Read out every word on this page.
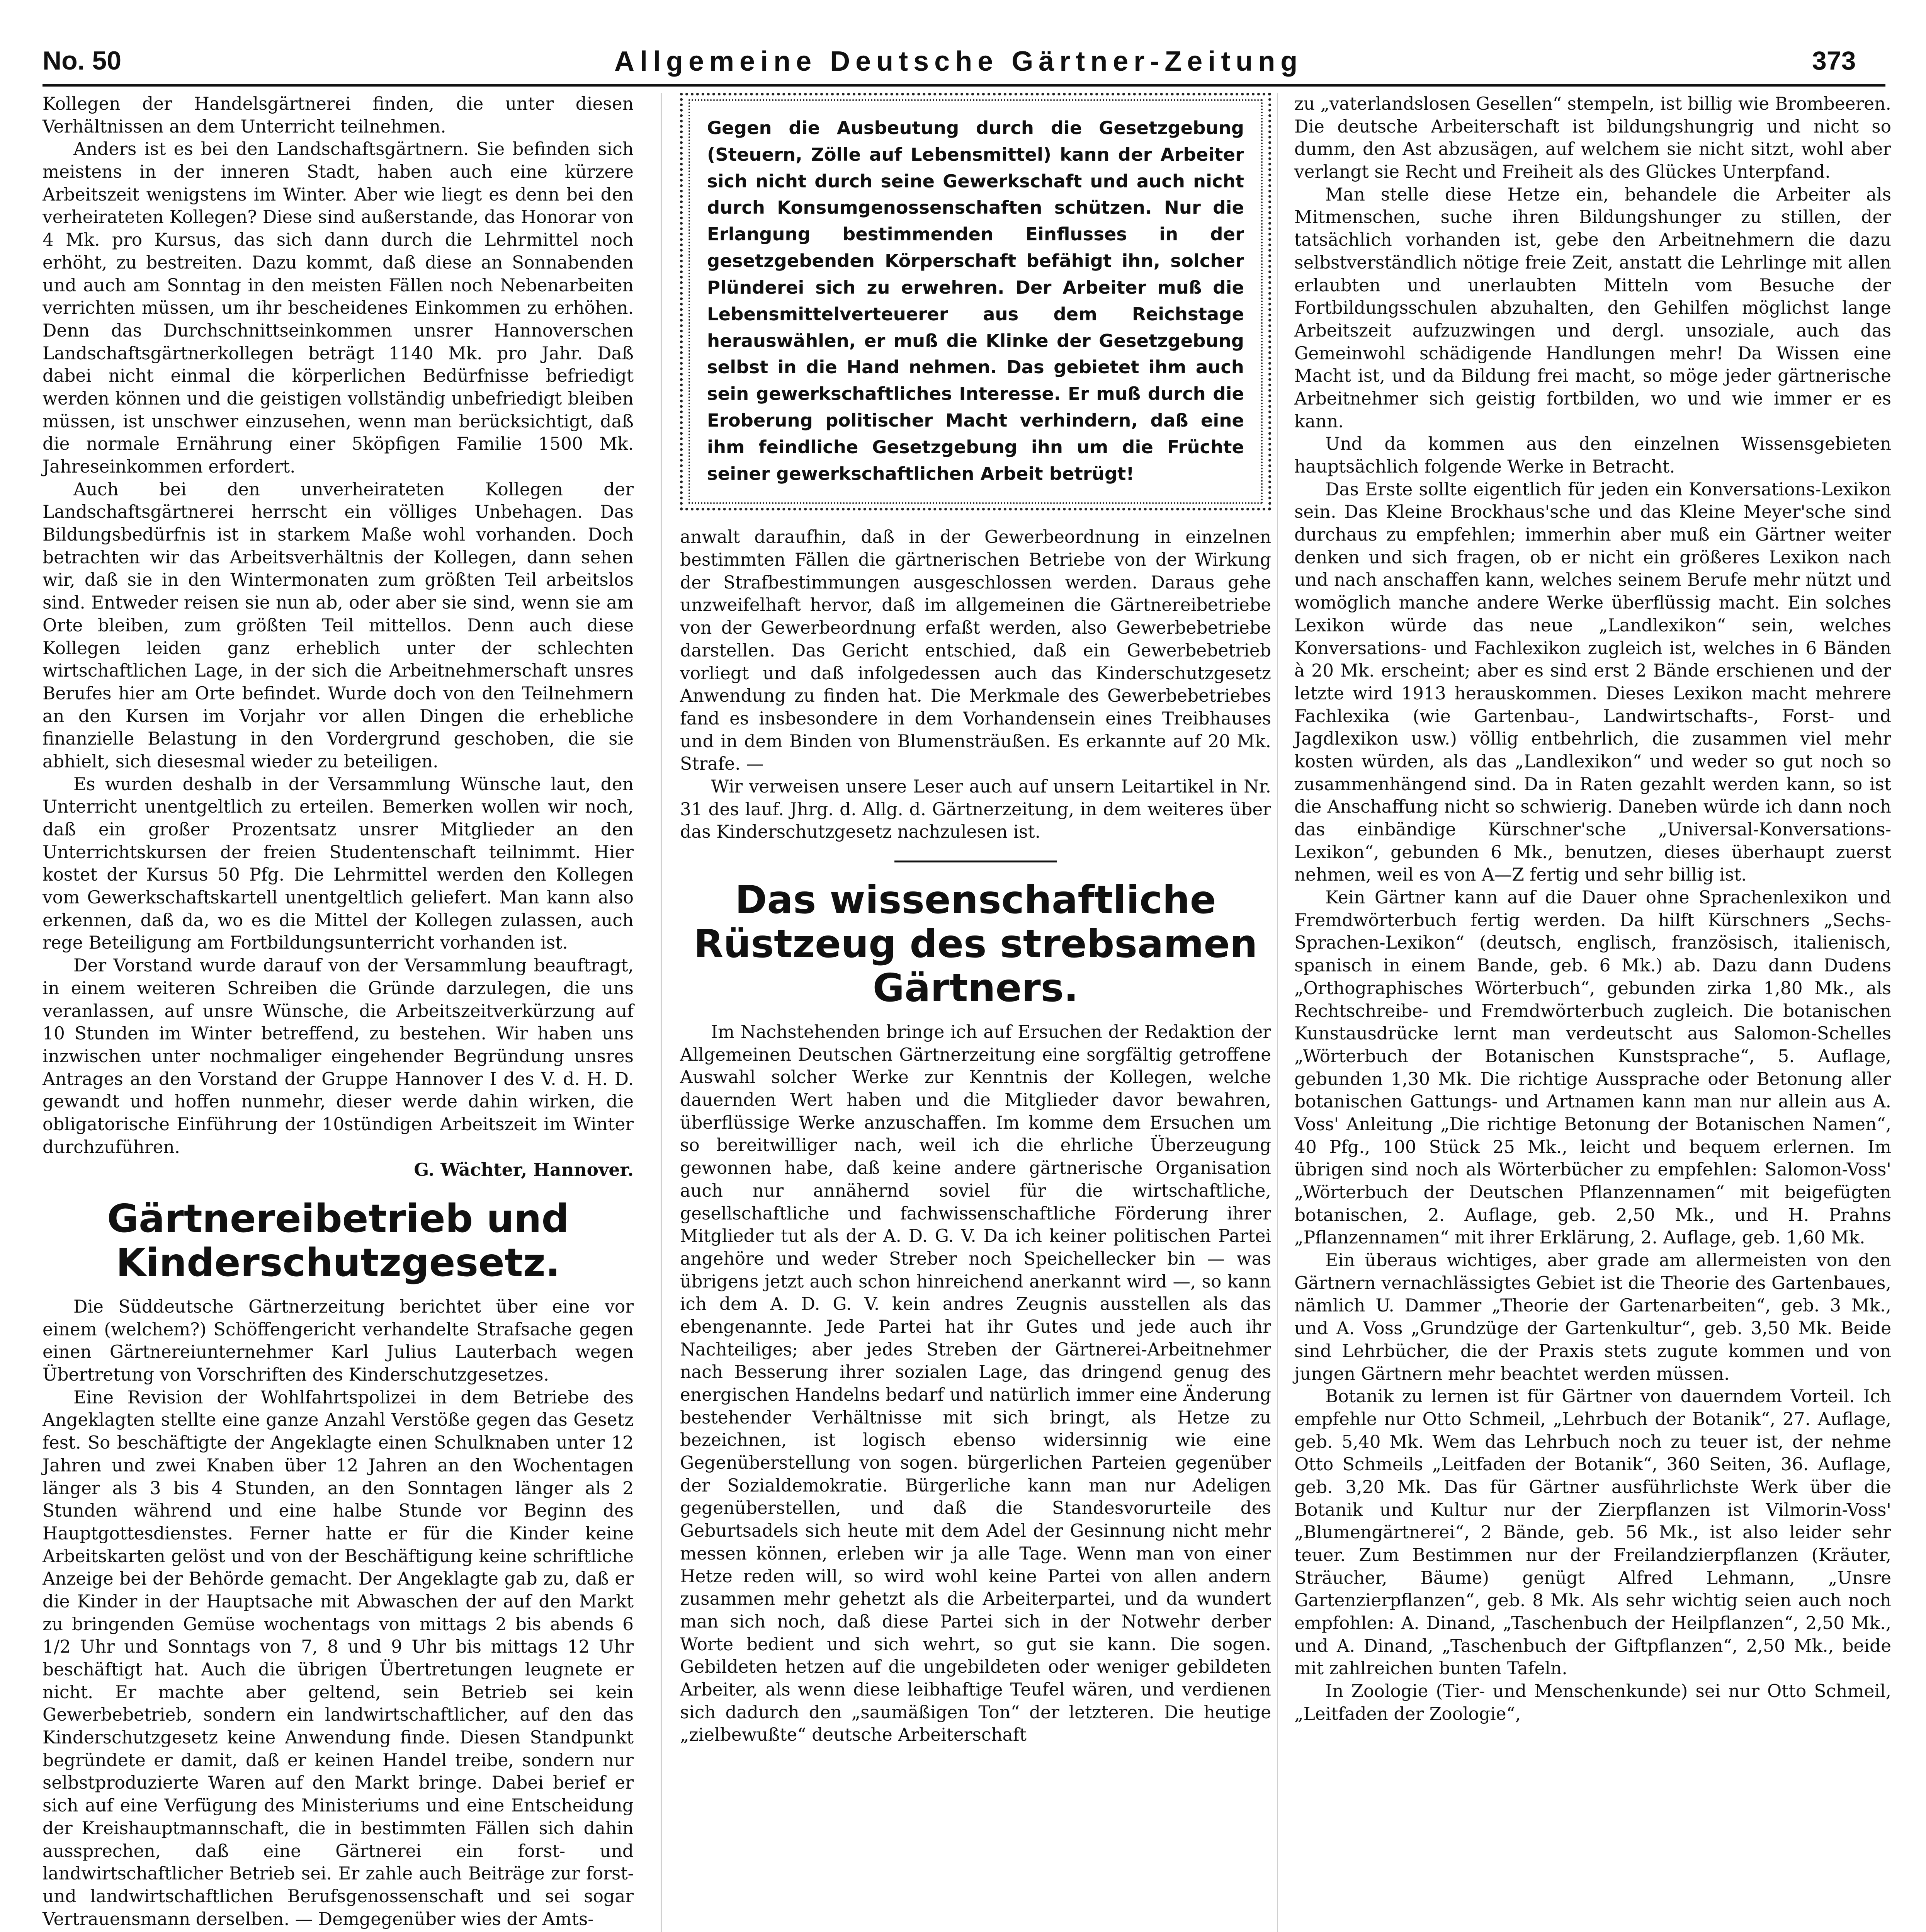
No. 50	Allgemeine Deutsche Gärtner-Zeitung	373

Kollegen der Handelsgärtnerei finden, die unter diesen Verhältnissen an dem Unterricht teilnehmen.

Anders ist es bei den Landschaftsgärtnern. Sie befinden sich meistens in der inneren Stadt, haben auch eine kürzere Arbeitszeit wenigstens im Winter. Aber wie liegt es denn bei den verheirateten Kollegen? Diese sind außerstande, das Honorar von 4 Mk. pro Kursus, das sich dann durch die Lehrmittel noch erhöht, zu bestreiten. Dazu kommt, daß diese an Sonnabenden und auch am Sonntag in den meisten Fällen noch Nebenarbeiten verrichten müssen, um ihr bescheidenes Einkommen zu erhöhen. Denn das Durchschnittseinkommen unsrer Hannoverschen Landschaftsgärtnerkollegen beträgt 1140 Mk. pro Jahr. Daß dabei nicht einmal die körperlichen Bedürfnisse befriedigt werden können und die geistigen vollständig unbefriedigt bleiben müssen, ist unschwer einzusehen, wenn man berücksichtigt, daß die normale Ernährung einer 5köpfigen Familie 1500 Mk. Jahreseinkommen erfordert.

Auch bei den unverheirateten Kollegen der Landschaftsgärtnerei herrscht ein völliges Unbehagen. Das Bildungsbedürfnis ist in starkem Maße wohl vorhanden. Doch betrachten wir das Arbeitsverhältnis der Kollegen, dann sehen wir, daß sie in den Wintermonaten zum größten Teil arbeitslos sind. Entweder reisen sie nun ab, oder aber sie sind, wenn sie am Orte bleiben, zum größten Teil mittellos. Denn auch diese Kollegen leiden ganz erheblich unter der schlechten wirtschaftlichen Lage, in der sich die Arbeitnehmerschaft unsres Berufes hier am Orte befindet. Wurde doch von den Teilnehmern an den Kursen im Vorjahr vor allen Dingen die erhebliche finanzielle Belastung in den Vordergrund geschoben, die sie abhielt, sich diesesmal wieder zu beteiligen.

Es wurden deshalb in der Versammlung Wünsche laut, den Unterricht unentgeltlich zu erteilen. Bemerken wollen wir noch, daß ein großer Prozentsatz unsrer Mitglieder an den Unterrichtskursen der freien Studentenschaft teilnimmt. Hier kostet der Kursus 50 Pfg. Die Lehrmittel werden den Kollegen vom Gewerkschaftskartell unentgeltlich geliefert. Man kann also erkennen, daß da, wo es die Mittel der Kollegen zulassen, auch rege Beteiligung am Fortbildungsunterricht vorhanden ist.

Der Vorstand wurde darauf von der Versammlung beauftragt, in einem weiteren Schreiben die Gründe darzulegen, die uns veranlassen, auf unsre Wünsche, die Arbeitszeitverkürzung auf 10 Stunden im Winter betreffend, zu bestehen. Wir haben uns inzwischen unter nochmaliger eingehender Begründung unsres Antrages an den Vorstand der Gruppe Hannover I des V. d. H. D. gewandt und hoffen nunmehr, dieser werde dahin wirken, die obligatorische Einführung der 10stündigen Arbeitszeit im Winter durchzuführen.

G. Wächter, Hannover.

Gärtnereibetrieb und Kinderschutzgesetz.

Die Süddeutsche Gärtnerzeitung berichtet über eine vor einem (welchem?) Schöffengericht verhandelte Strafsache gegen einen Gärtnereiunternehmer Karl Julius Lauterbach wegen Übertretung von Vorschriften des Kinderschutzgesetzes.

Eine Revision der Wohlfahrtspolizei in dem Betriebe des Angeklagten stellte eine ganze Anzahl Verstöße gegen das Gesetz fest. So beschäftigte der Angeklagte einen Schulknaben unter 12 Jahren und zwei Knaben über 12 Jahren an den Wochentagen länger als 3 bis 4 Stunden, an den Sonntagen länger als 2 Stunden während und eine halbe Stunde vor Beginn des Hauptgottesdienstes. Ferner hatte er für die Kinder keine Arbeitskarten gelöst und von der Beschäftigung keine schriftliche Anzeige bei der Behörde gemacht. Der Angeklagte gab zu, daß er die Kinder in der Hauptsache mit Abwaschen der auf den Markt zu bringenden Gemüse wochentags von mittags 2 bis abends 6 1/2 Uhr und Sonntags von 7, 8 und 9 Uhr bis mittags 12 Uhr beschäftigt hat. Auch die übrigen Übertretungen leugnete er nicht. Er machte aber geltend, sein Betrieb sei kein Gewerbebetrieb, sondern ein landwirtschaftlicher, auf den das Kinderschutzgesetz keine Anwendung finde. Diesen Standpunkt begründete er damit, daß er keinen Handel treibe, sondern nur selbstproduzierte Waren auf den Markt bringe. Dabei berief er sich auf eine Verfügung des Ministeriums und eine Entscheidung der Kreishauptmannschaft, die in bestimmten Fällen sich dahin aussprechen, daß eine Gärtnerei ein forst- und landwirtschaftlicher Betrieb sei. Er zahle auch Beiträge zur forst- und landwirtschaftlichen Berufsgenossenschaft und sei sogar Vertrauensmann derselben. — Demgegenüber wies der Amts-

Gegen die Ausbeutung durch die Gesetzgebung (Steuern, Zölle auf Lebensmittel) kann der Arbeiter sich nicht durch seine Gewerkschaft und auch nicht durch Konsumgenossenschaften schützen. Nur die Erlangung bestimmenden Einflusses in der gesetzgebenden Körperschaft befähigt ihn, solcher Plünderei sich zu erwehren. Der Arbeiter muß die Lebensmittelverteuerer aus dem Reichstage herauswählen, er muß die Klinke der Gesetzgebung selbst in die Hand nehmen. Das gebietet ihm auch sein gewerkschaftliches Interesse. Er muß durch die Eroberung politischer Macht verhindern, daß eine ihm feindliche Gesetzgebung ihn um die Früchte seiner gewerkschaftlichen Arbeit betrügt!

anwalt daraufhin, daß in der Gewerbeordnung in einzelnen bestimmten Fällen die gärtnerischen Betriebe von der Wirkung der Strafbestimmungen ausgeschlossen werden. Daraus gehe unzweifelhaft hervor, daß im allgemeinen die Gärtnereibetriebe von der Gewerbeordnung erfaßt werden, also Gewerbebetriebe darstellen. Das Gericht entschied, daß ein Gewerbebetrieb vorliegt und daß infolgedessen auch das Kinderschutzgesetz Anwendung zu finden hat. Die Merkmale des Gewerbebetriebes fand es insbesondere in dem Vorhandensein eines Treibhauses und in dem Binden von Blumensträußen. Es erkannte auf 20 Mk. Strafe. —

Wir verweisen unsere Leser auch auf unsern Leitartikel in Nr. 31 des lauf. Jhrg. d. Allg. d. Gärtnerzeitung, in dem weiteres über das Kinderschutzgesetz nachzulesen ist.

Das wissenschaftliche Rüstzeug des strebsamen Gärtners.

Im Nachstehenden bringe ich auf Ersuchen der Redaktion der Allgemeinen Deutschen Gärtnerzeitung eine sorgfältig getroffene Auswahl solcher Werke zur Kenntnis der Kollegen, welche dauernden Wert haben und die Mitglieder davor bewahren, überflüssige Werke anzuschaffen. Im komme dem Ersuchen um so bereitwilliger nach, weil ich die ehrliche Überzeugung gewonnen habe, daß keine andere gärtnerische Organisation auch nur annähernd soviel für die wirtschaftliche, gesellschaftliche und fachwissenschaftliche Förderung ihrer Mitglieder tut als der A. D. G. V. Da ich keiner politischen Partei angehöre und weder Streber noch Speichellecker bin — was übrigens jetzt auch schon hinreichend anerkannt wird —, so kann ich dem A. D. G. V. kein andres Zeugnis ausstellen als das ebengenannte. Jede Partei hat ihr Gutes und jede auch ihr Nachteiliges; aber jedes Streben der Gärtnerei-Arbeitnehmer nach Besserung ihrer sozialen Lage, das dringend genug des energischen Handelns bedarf und natürlich immer eine Änderung bestehender Verhältnisse mit sich bringt, als Hetze zu bezeichnen, ist logisch ebenso widersinnig wie eine Gegenüberstellung von sogen. bürgerlichen Parteien gegenüber der Sozialdemokratie. Bürgerliche kann man nur Adeligen gegenüberstellen, und daß die Standesvorurteile des Geburtsadels sich heute mit dem Adel der Gesinnung nicht mehr messen können, erleben wir ja alle Tage. Wenn man von einer Hetze reden will, so wird wohl keine Partei von allen andern zusammen mehr gehetzt als die Arbeiterpartei, und da wundert man sich noch, daß diese Partei sich in der Notwehr derber Worte bedient und sich wehrt, so gut sie kann. Die sogen. Gebildeten hetzen auf die ungebildeten oder weniger gebildeten Arbeiter, als wenn diese leibhaftige Teufel wären, und verdienen sich dadurch den „saumäßigen Ton“ der letzteren. Die heutige „zielbewußte“ deutsche Arbeiterschaft

zu „vaterlandslosen Gesellen“ stempeln, ist billig wie Brombeeren. Die deutsche Arbeiterschaft ist bildungshungrig und nicht so dumm, den Ast abzusägen, auf welchem sie nicht sitzt, wohl aber verlangt sie Recht und Freiheit als des Glückes Unterpfand.

Man stelle diese Hetze ein, behandele die Arbeiter als Mitmenschen, suche ihren Bildungshunger zu stillen, der tatsächlich vorhanden ist, gebe den Arbeitnehmern die dazu selbstverständlich nötige freie Zeit, anstatt die Lehrlinge mit allen erlaubten und unerlaubten Mitteln vom Besuche der Fortbildungsschulen abzuhalten, den Gehilfen möglichst lange Arbeitszeit aufzuzwingen und dergl. unsoziale, auch das Gemeinwohl schädigende Handlungen mehr! Da Wissen eine Macht ist, und da Bildung frei macht, so möge jeder gärtnerische Arbeitnehmer sich geistig fortbilden, wo und wie immer er es kann.

Und da kommen aus den einzelnen Wissensgebieten hauptsächlich folgende Werke in Betracht.

Das Erste sollte eigentlich für jeden ein Konversations-Lexikon sein. Das Kleine Brockhaus'sche und das Kleine Meyer'sche sind durchaus zu empfehlen; immerhin aber muß ein Gärtner weiter denken und sich fragen, ob er nicht ein größeres Lexikon nach und nach anschaffen kann, welches seinem Berufe mehr nützt und womöglich manche andere Werke überflüssig macht. Ein solches Lexikon würde das neue „Landlexikon“ sein, welches Konversations- und Fachlexikon zugleich ist, welches in 6 Bänden à 20 Mk. erscheint; aber es sind erst 2 Bände erschienen und der letzte wird 1913 herauskommen. Dieses Lexikon macht mehrere Fachlexika (wie Gartenbau-, Landwirtschafts-, Forst- und Jagdlexikon usw.) völlig entbehrlich, die zusammen viel mehr kosten würden, als das „Landlexikon“ und weder so gut noch so zusammenhängend sind. Da in Raten gezahlt werden kann, so ist die Anschaffung nicht so schwierig. Daneben würde ich dann noch das einbändige Kürschner'sche „Universal-Konversations-Lexikon“, gebunden 6 Mk., benutzen, dieses überhaupt zuerst nehmen, weil es von A—Z fertig und sehr billig ist.

Kein Gärtner kann auf die Dauer ohne Sprachenlexikon und Fremdwörterbuch fertig werden. Da hilft Kürschners „Sechs-Sprachen-Lexikon“ (deutsch, englisch, französisch, italienisch, spanisch in einem Bande, geb. 6 Mk.) ab. Dazu dann Dudens „Orthographisches Wörterbuch“, gebunden zirka 1,80 Mk., als Rechtschreibe- und Fremdwörterbuch zugleich. Die botanischen Kunstausdrücke lernt man verdeutscht aus Salomon-Schelles „Wörterbuch der Botanischen Kunstsprache“, 5. Auflage, gebunden 1,30 Mk. Die richtige Aussprache oder Betonung aller botanischen Gattungs- und Artnamen kann man nur allein aus A. Voss' Anleitung „Die richtige Betonung der Botanischen Namen“, 40 Pfg., 100 Stück 25 Mk., leicht und bequem erlernen. Im übrigen sind noch als Wörterbücher zu empfehlen: Salomon-Voss' „Wörterbuch der Deutschen Pflanzennamen“ mit beigefügten botanischen, 2. Auflage, geb. 2,50 Mk., und H. Prahns „Pflanzennamen“ mit ihrer Erklärung, 2. Auflage, geb. 1,60 Mk.

Ein überaus wichtiges, aber grade am allermeisten von den Gärtnern vernachlässigtes Gebiet ist die Theorie des Gartenbaues, nämlich U. Dammer „Theorie der Gartenarbeiten“, geb. 3 Mk., und A. Voss „Grundzüge der Gartenkultur“, geb. 3,50 Mk. Beide sind Lehrbücher, die der Praxis stets zugute kommen und von jungen Gärtnern mehr beachtet werden müssen.

Botanik zu lernen ist für Gärtner von dauerndem Vorteil. Ich empfehle nur Otto Schmeil, „Lehrbuch der Botanik“, 27. Auflage, geb. 5,40 Mk. Wem das Lehrbuch noch zu teuer ist, der nehme Otto Schmeils „Leitfaden der Botanik“, 360 Seiten, 36. Auflage, geb. 3,20 Mk. Das für Gärtner ausführlichste Werk über die Botanik und Kultur nur der Zierpflanzen ist Vilmorin-Voss' „Blumengärtnerei“, 2 Bände, geb. 56 Mk., ist also leider sehr teuer. Zum Bestimmen nur der Freilandzierpflanzen (Kräuter, Sträucher, Bäume) genügt Alfred Lehmann, „Unsre Gartenzierpflanzen“, geb. 8 Mk. Als sehr wichtig seien auch noch empfohlen: A. Dinand, „Taschenbuch der Heilpflanzen“, 2,50 Mk., und A. Dinand, „Taschenbuch der Giftpflanzen“, 2,50 Mk., beide mit zahlreichen bunten Tafeln.

In Zoologie (Tier- und Menschenkunde) sei nur Otto Schmeil, „Leitfaden der Zoologie“,
